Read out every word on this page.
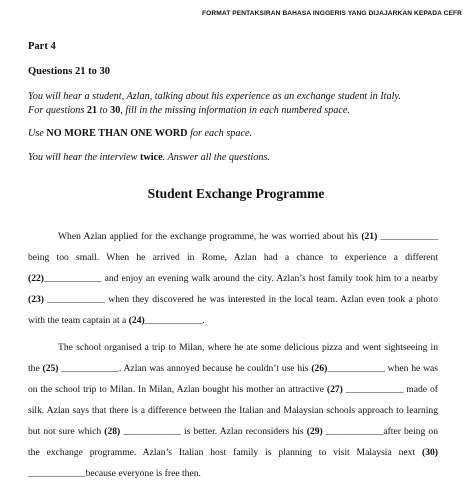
FORMAT PENTAKSIRAN BAHASA INGGERIS YANG DIJAJARKAN KEPADA CEFR
Part 4
Questions 21 to 30
You will hear a student, Azlan, talking about his experience as an exchange student in Italy.
For questions 21 to 30, fill in the missing information in each numbered space.
Use NO MORE THAN ONE WORD for each space.
You will hear the interview twice. Answer all the questions.
Student Exchange Programme
When Azlan applied for the exchange programme, he was worried about his (21) ____________ being too small. When he arrived in Rome, Azlan had a chance to experience a different (22)____________ and enjoy an evening walk around the city. Azlan’s host family took him to a nearby (23) ____________ when they discovered he was interested in the local team. Azlan even took a photo with the team captain at a (24)____________.
The school organised a trip to Milan, where he ate some delicious pizza and went sightseeing in the (25) ____________. Azlan was annoyed because he couldn’t use his (26)____________ when he was on the school trip to Milan. In Milan, Azlan bought his mother an attractive (27) ____________ made of silk. Azlan says that there is a difference between the Italian and Malaysian schools approach to learning but not sure which (28) ____________ is better. Azlan reconsiders his (29) ____________after being on the exchange programme. Azlan’s Italian host family is planning to visit Malaysia next (30) ____________because everyone is free then.
